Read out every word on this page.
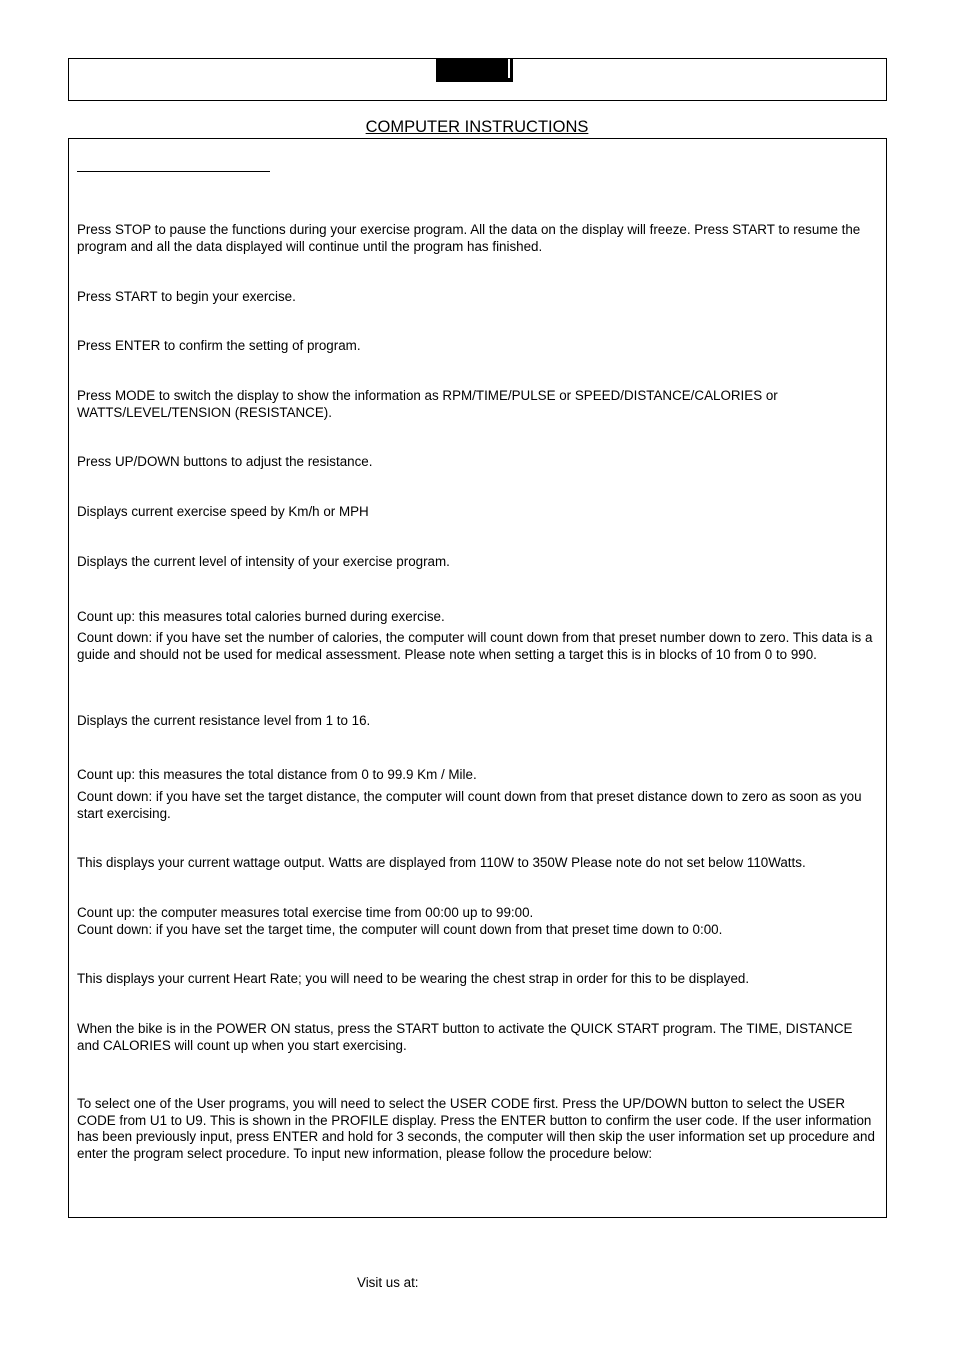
COMPUTER INSTRUCTIONS

Press STOP to pause the functions during your exercise program. All the data on the display will freeze. Press START to resume the program and all the data displayed will continue until the program has finished.

Press START to begin your exercise.

Press ENTER to confirm the setting of program.

Press MODE to switch the display to show the information as RPM/TIME/PULSE or SPEED/DISTANCE/CALORIES or WATTS/LEVEL/TENSION (RESISTANCE).

Press UP/DOWN buttons to adjust the resistance.

Displays current exercise speed by Km/h or MPH

Displays the current level of intensity of your exercise program.

Count up: this measures total calories burned during exercise.

Count down: if you have set the number of calories, the computer will count down from that preset number down to zero. This data is a guide and should not be used for medical assessment. Please note when setting a target this is in blocks of 10 from 0 to 990.

Displays the current resistance level from 1 to 16.

Count up: this measures the total distance from 0 to 99.9 Km / Mile.

Count down: if you have set the target distance, the computer will count down from that preset distance down to zero as soon as you start exercising.

This displays your current wattage output. Watts are displayed from 110W to 350W Please note do not set below 110Watts.

Count up: the computer measures total exercise time from 00:00 up to 99:00.
Count down: if you have set the target time, the computer will count down from that preset time down to 0:00.

This displays your current Heart Rate; you will need to be wearing the chest strap in order for this to be displayed.

When the bike is in the POWER ON status, press the START button to activate the QUICK START program. The TIME, DISTANCE and CALORIES will count up when you start exercising.

To select one of the User programs, you will need to select the USER CODE first. Press the UP/DOWN button to select the USER CODE from U1 to U9. This is shown in the PROFILE display. Press the ENTER button to confirm the user code. If the user information has been previously input, press ENTER and hold for 3 seconds, the computer will then skip the user information set up procedure and enter the program select procedure. To input new information, please follow the procedure below:

Visit us at:
